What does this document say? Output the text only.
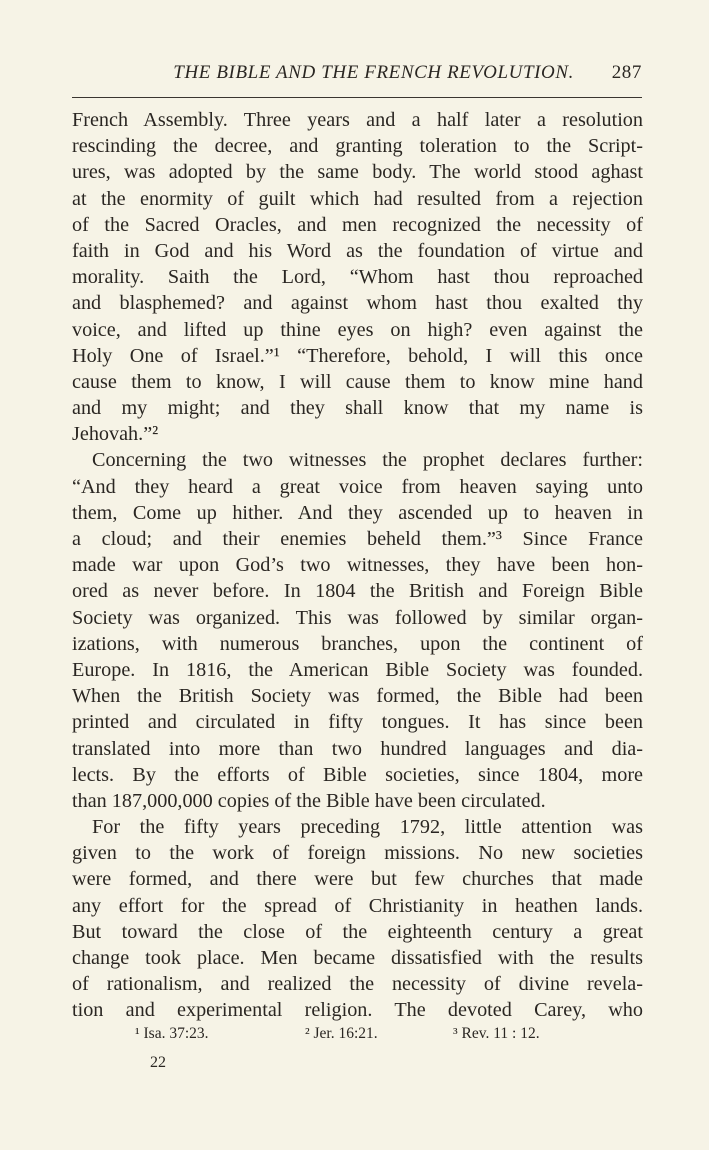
THE BIBLE AND THE FRENCH REVOLUTION. 287
French Assembly. Three years and a half later a resolution
rescinding the decree, and granting toleration to the Script-
ures, was adopted by the same body. The world stood aghast
at the enormity of guilt which had resulted from a rejection
of the Sacred Oracles, and men recognized the necessity of
faith in God and his Word as the foundation of virtue and
morality. Saith the Lord, “Whom hast thou reproached
and blasphemed? and against whom hast thou exalted thy
voice, and lifted up thine eyes on high? even against the
Holy One of Israel.”¹ “Therefore, behold, I will this once
cause them to know, I will cause them to know mine hand
and my might; and they shall know that my name is
Jehovah.”²
Concerning the two witnesses the prophet declares further:
“And they heard a great voice from heaven saying unto
them, Come up hither. And they ascended up to heaven in
a cloud; and their enemies beheld them.”³ Since France
made war upon God’s two witnesses, they have been hon-
ored as never before. In 1804 the British and Foreign Bible
Society was organized. This was followed by similar organ-
izations, with numerous branches, upon the continent of
Europe. In 1816, the American Bible Society was founded.
When the British Society was formed, the Bible had been
printed and circulated in fifty tongues. It has since been
translated into more than two hundred languages and dia-
lects. By the efforts of Bible societies, since 1804, more
than 187,000,000 copies of the Bible have been circulated.
For the fifty years preceding 1792, little attention was
given to the work of foreign missions. No new societies
were formed, and there were but few churches that made
any effort for the spread of Christianity in heathen lands.
But toward the close of the eighteenth century a great
change took place. Men became dissatisfied with the results
of rationalism, and realized the necessity of divine revela-
tion and experimental religion. The devoted Carey, who
¹ Isa. 37:23.	² Jer. 16:21.	³ Rev. 11 : 12.
22
